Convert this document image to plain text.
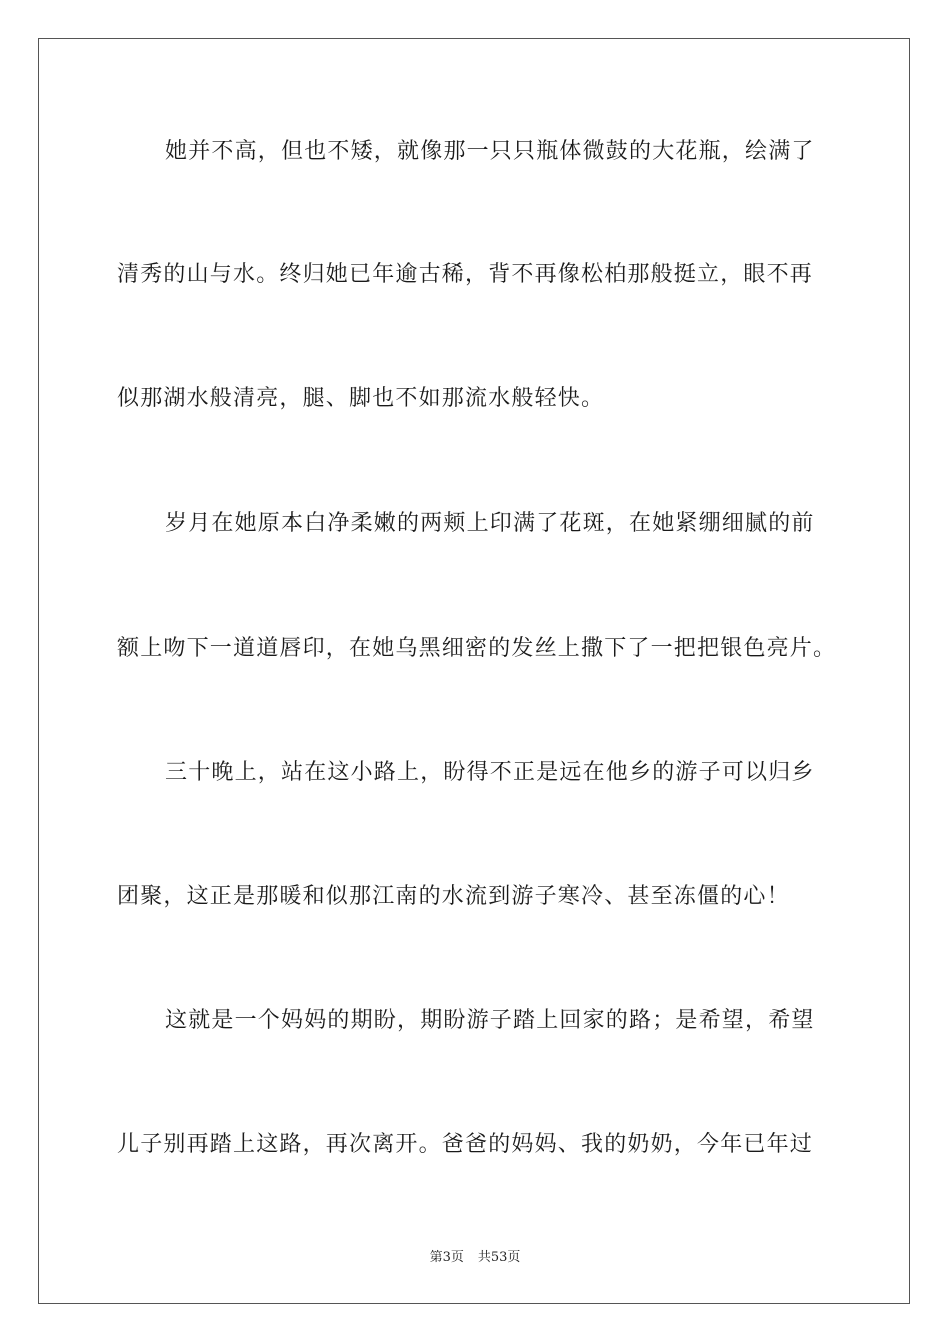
她并不高，但也不矮，就像那一只只瓶体微鼓的大花瓶，绘满了
清秀的山与水。终归她已年逾古稀，背不再像松柏那般挺立，眼不再
似那湖水般清亮，腿、脚也不如那流水般轻快。
岁月在她原本白净柔嫩的两颊上印满了花斑，在她紧绷细腻的前
额上吻下一道道唇印，在她乌黑细密的发丝上撒下了一把把银色亮片。
三十晚上，站在这小路上，盼得不正是远在他乡的游子可以归乡
团聚，这正是那暖和似那江南的水流到游子寒冷、甚至冻僵的心！
这就是一个妈妈的期盼，期盼游子踏上回家的路；是希望，希望
儿子别再踏上这路，再次离开。爸爸的妈妈、我的奶奶，今年已年过
第3页 共53页
